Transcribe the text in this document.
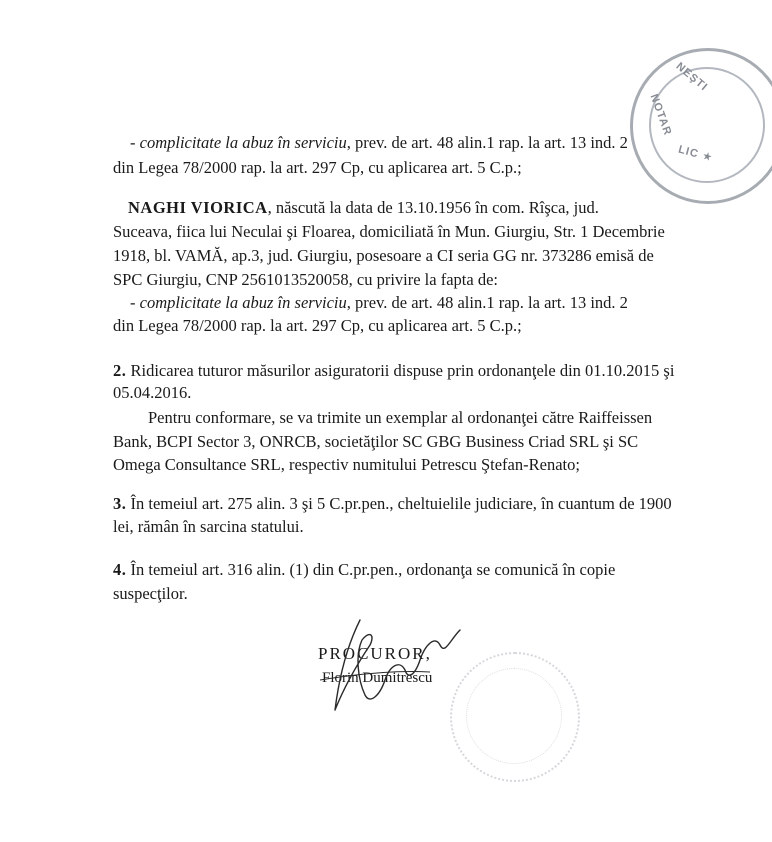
NEŞTI
NOTAR
LIC ★
- complicitate la abuz în serviciu, prev. de art. 48 alin.1 rap. la art. 13 ind. 2
din Legea 78/2000 rap. la art. 297 Cp, cu aplicarea art. 5 C.p.;
NAGHI VIORICA, născută la data de 13.10.1956 în com. Rîşca, jud.
Suceava, fiica lui Neculai şi Floarea, domiciliată în Mun. Giurgiu, Str. 1 Decembrie
1918, bl. VAMĂ, ap.3, jud. Giurgiu, posesoare a CI seria GG nr. 373286 emisă de
SPC Giurgiu, CNP 2561013520058, cu privire la fapta de:
- complicitate la abuz în serviciu, prev. de art. 48 alin.1 rap. la art. 13 ind. 2
din Legea 78/2000 rap. la art. 297 Cp, cu aplicarea art. 5 C.p.;
2. Ridicarea tuturor măsurilor asiguratorii dispuse prin ordonanţele din 01.10.2015 şi
05.04.2016.
Pentru conformare, se va trimite un exemplar al ordonanţei către Raiffeissen
Bank, BCPI Sector 3, ONRCB, societăţilor SC GBG Business Criad SRL şi SC
Omega Consultance SRL, respectiv numitului Petrescu Ştefan-Renato;
3. În temeiul art. 275 alin. 3 şi 5 C.pr.pen., cheltuielile judiciare, în cuantum de 1900
lei, rămân în sarcina statului.
4. În temeiul art. 316 alin. (1) din C.pr.pen., ordonanţa se comunică în copie
suspecţilor.
PROCUROR,
Florin Dumitrescu
